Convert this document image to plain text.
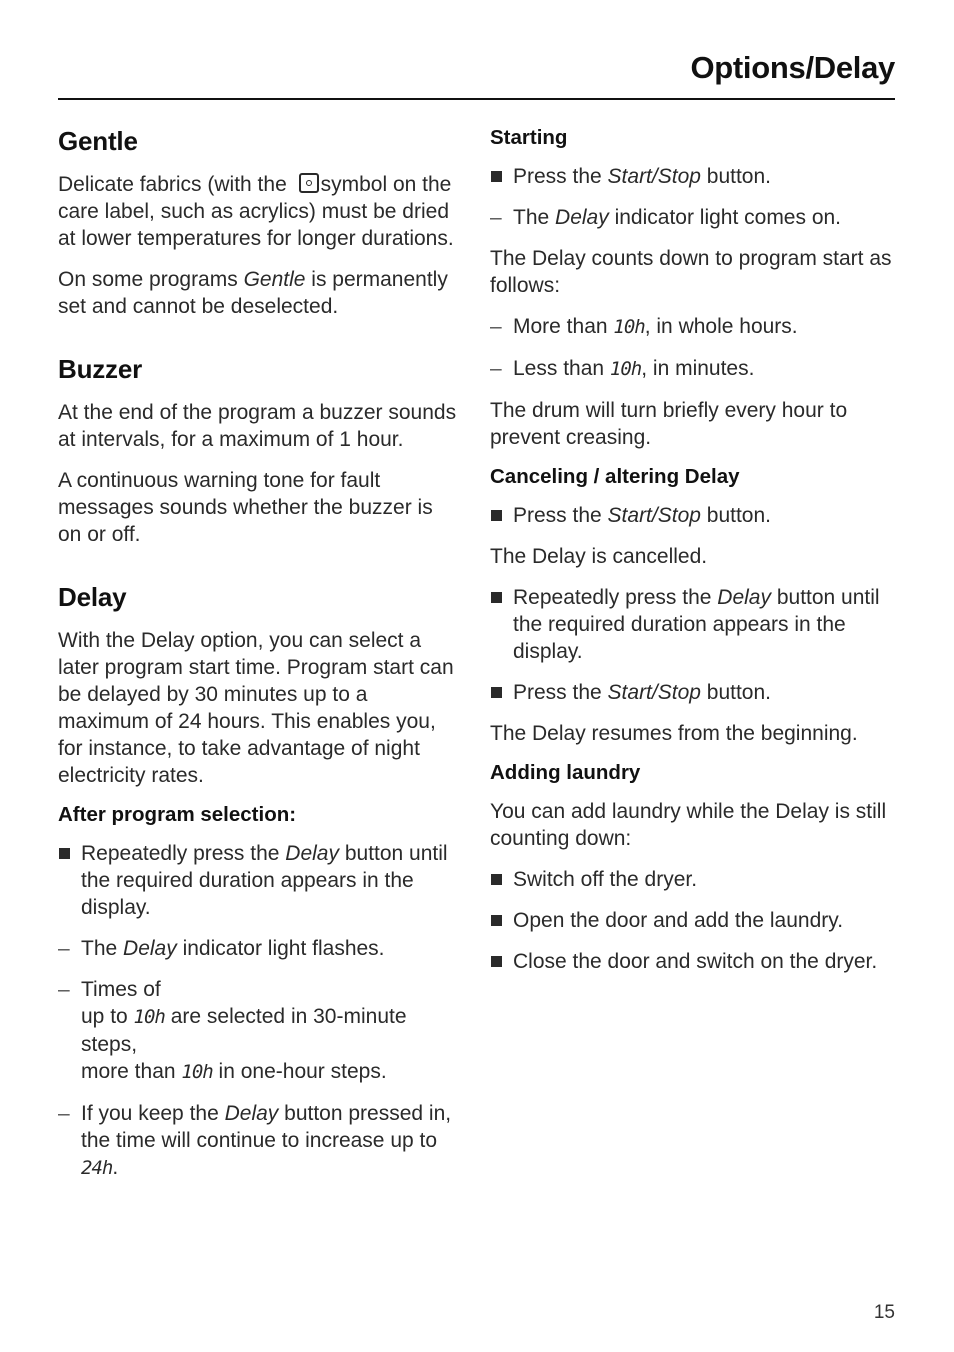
Options/Delay
Gentle

Delicate fabrics (with the symbol on the care label, such as acrylics) must be dried at lower temperatures for longer durations.

On some programs Gentle is permanently set and cannot be deselected.

Buzzer

At the end of the program a buzzer sounds at intervals, for a maximum of 1 hour.

A continuous warning tone for fault messages sounds whether the buzzer is on or off.

Delay

With the Delay option, you can select a later program start time. Program start can be delayed by 30 minutes up to a maximum of 24 hours. This enables you, for instance, to take advantage of night electricity rates.

After program selection:
Repeatedly press the Delay button until the required duration appears in the display.
– The Delay indicator light flashes.
– Times of
up to 10h are selected in 30-minute steps,
more than 10h in one-hour steps.
– If you keep the Delay button pressed in, the time will continue to increase up to 24h.
Starting
Press the Start/Stop button.
– The Delay indicator light comes on.

The Delay counts down to program start as follows:

– More than 10h, in whole hours.
– Less than 10h, in minutes.

The drum will turn briefly every hour to prevent creasing.

Canceling / altering Delay
Press the Start/Stop button.

The Delay is cancelled.

Repeatedly press the Delay button until the required duration appears in the display.
Press the Start/Stop button.

The Delay resumes from the beginning.

Adding laundry

You can add laundry while the Delay is still counting down:

Switch off the dryer.
Open the door and add the laundry.
Close the door and switch on the dryer.
15
